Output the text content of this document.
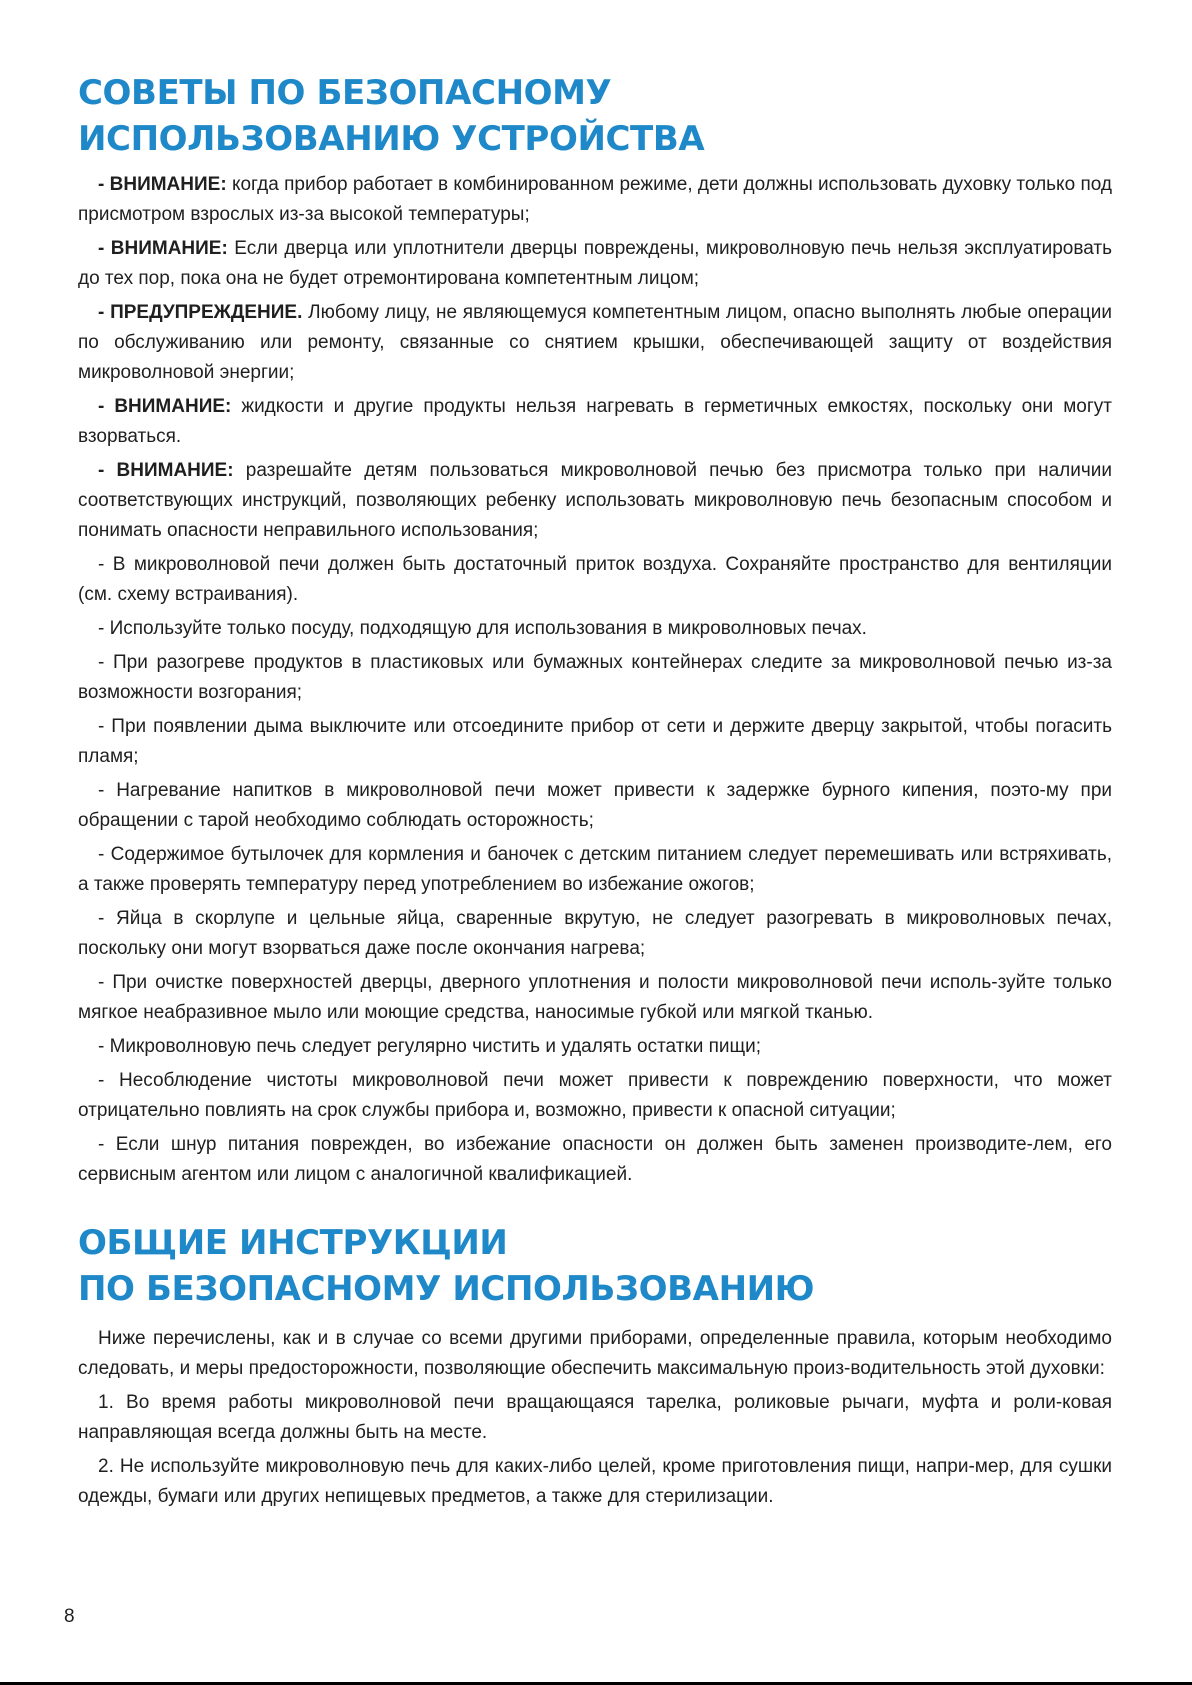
СОВЕТЫ ПО БЕЗОПАСНОМУ
ИСПОЛЬЗОВАНИЮ УСТРОЙСТВА

- ВНИМАНИЕ: когда прибор работает в комбинированном режиме, дети должны использовать духовку только под присмотром взрослых из-за высокой температуры;

- ВНИМАНИЕ: Если дверца или уплотнители дверцы повреждены, микроволновую печь нельзя эксплуатировать до тех пор, пока она не будет отремонтирована компетентным лицом;

- ПРЕДУПРЕЖДЕНИЕ. Любому лицу, не являющемуся компетентным лицом, опасно выполнять любые операции по обслуживанию или ремонту, связанные со снятием крышки, обеспечивающей защиту от воздействия микроволновой энергии;

- ВНИМАНИЕ: жидкости и другие продукты нельзя нагревать в герметичных емкостях, поскольку они могут взорваться.

- ВНИМАНИЕ: разрешайте детям пользоваться микроволновой печью без присмотра только при наличии соответствующих инструкций, позволяющих ребенку использовать микроволновую печь безопасным способом и понимать опасности неправильного использования;

- В микроволновой печи должен быть достаточный приток воздуха. Сохраняйте пространство для вентиляции (см. схему встраивания).

- Используйте только посуду, подходящую для использования в микроволновых печах.

- При разогреве продуктов в пластиковых или бумажных контейнерах следите за микроволновой печью из-за возможности возгорания;

- При появлении дыма выключите или отсоедините прибор от сети и держите дверцу закрытой, чтобы погасить пламя;

- Нагревание напитков в микроволновой печи может привести к задержке бурного кипения, поэто-му при обращении с тарой необходимо соблюдать осторожность;

- Содержимое бутылочек для кормления и баночек с детским питанием следует перемешивать или встряхивать, а также проверять температуру перед употреблением во избежание ожогов;

- Яйца в скорлупе и цельные яйца, сваренные вкрутую, не следует разогревать в микроволновых печах, поскольку они могут взорваться даже после окончания нагрева;

- При очистке поверхностей дверцы, дверного уплотнения и полости микроволновой печи исполь-зуйте только мягкое неабразивное мыло или моющие средства, наносимые губкой или мягкой тканью.

- Микроволновую печь следует регулярно чистить и удалять остатки пищи;

- Несоблюдение чистоты микроволновой печи может привести к повреждению поверхности, что может отрицательно повлиять на срок службы прибора и, возможно, привести к опасной ситуации;

- Если шнур питания поврежден, во избежание опасности он должен быть заменен производите-лем, его сервисным агентом или лицом с аналогичной квалификацией.

ОБЩИЕ ИНСТРУКЦИИ
ПО БЕЗОПАСНОМУ ИСПОЛЬЗОВАНИЮ

Ниже перечислены, как и в случае со всеми другими приборами, определенные правила, которым необходимо следовать, и меры предосторожности, позволяющие обеспечить максимальную произ-водительность этой духовки:

1. Во время работы микроволновой печи вращающаяся тарелка, роликовые рычаги, муфта и роли-ковая направляющая всегда должны быть на месте.

2. Не используйте микроволновую печь для каких-либо целей, кроме приготовления пищи, напри-мер, для сушки одежды, бумаги или других непищевых предметов, а также для стерилизации.

8
